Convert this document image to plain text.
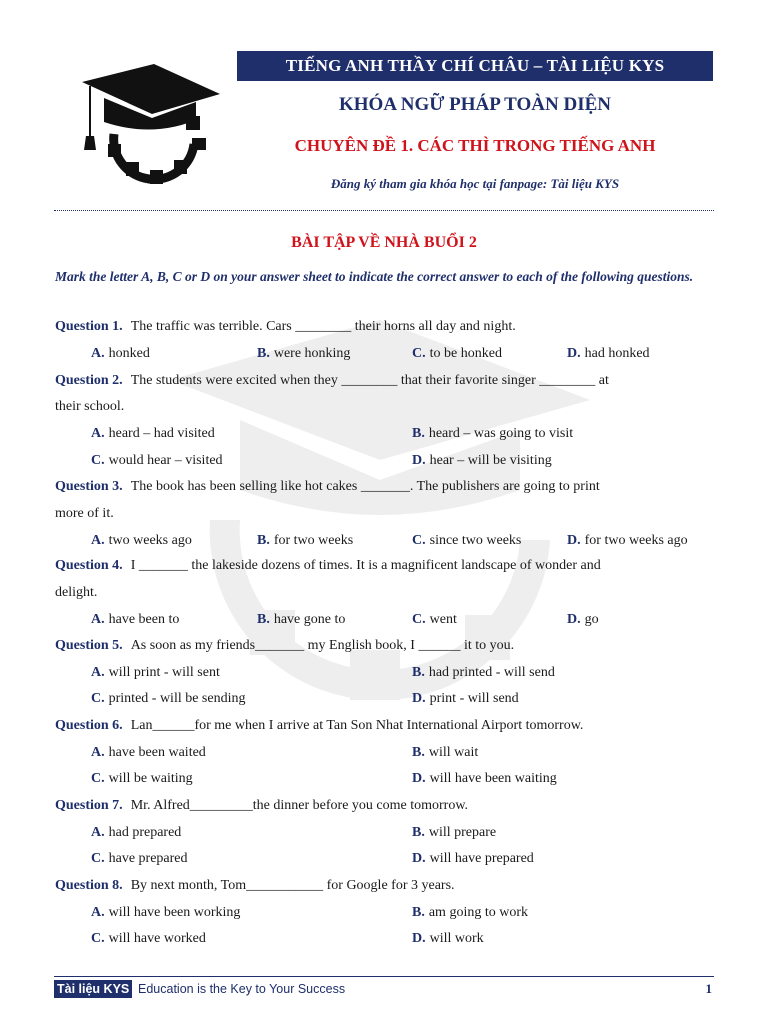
TIẾNG ANH THẦY CHÍ CHÂU – TÀI LIỆU KYS
KHÓA NGỮ PHÁP TOÀN DIỆN
CHUYÊN ĐỀ 1. CÁC THÌ TRONG TIẾNG ANH
Đăng ký tham gia khóa học tại fanpage: Tài liệu KYS
BÀI TẬP VỀ NHÀ BUỔI 2
Mark the letter A, B, C or D on your answer sheet to indicate the correct answer to each of the following questions.
Question 1. The traffic was terrible. Cars ________ their horns all day and night.
A. honked	B. were honking	C. to be honked	D. had honked
Question 2. The students were excited when they ________ that their favorite singer ________ at
their school.
A. heard – had visited	B. heard – was going to visit
C. would hear – visited	D. hear – will be visiting
Question 3. The book has been selling like hot cakes _______. The publishers are going to print
more of it.
A. two weeks ago	B. for two weeks	C. since two weeks	D. for two weeks ago
Question 4. I _______ the lakeside dozens of times. It is a magnificent landscape of wonder and
delight.
A. have been to	B. have gone to	C. went	D. go
Question 5. As soon as my friends_______ my English book, I ______ it to you.
A. will print - will sent	B. had printed - will send
C. printed - will be sending	D. print - will send
Question 6. Lan______for me when I arrive at Tan Son Nhat International Airport tomorrow.
A. have been waited	B. will wait
C. will be waiting	D. will have been waiting
Question 7. Mr. Alfred_________the dinner before you come tomorrow.
A. had prepared	B. will prepare
C. have prepared	D. will have prepared
Question 8. By next month, Tom___________ for Google for 3 years.
A. will have been working	B. am going to work
C. will have worked	D. will work
Tài liệu KYS Education is the Key to Your Success	1
